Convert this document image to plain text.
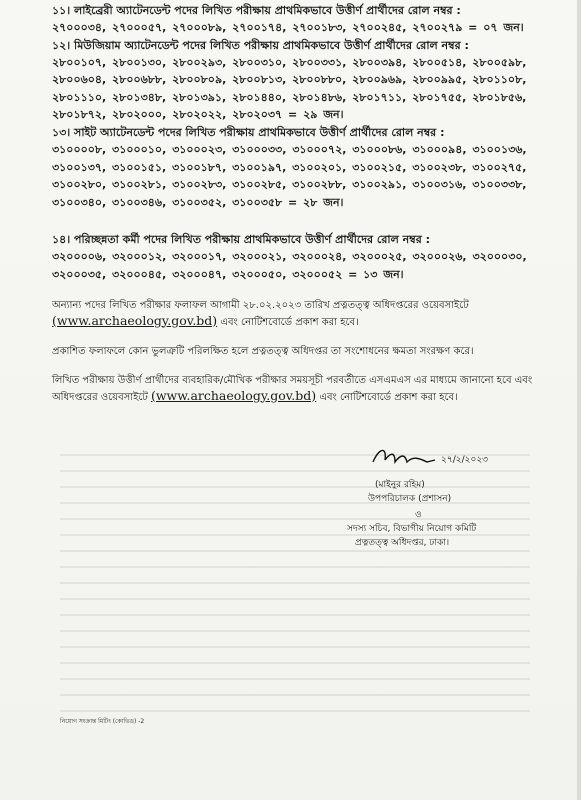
১১। লাইব্রেরী অ্যাটেনডেন্ট পদের লিখিত পরীক্ষায় প্রাথমিকভাবে উত্তীর্ণ প্রার্থীদের রোল নম্বর :

২৭০০০৩৪, ২৭০০০৫৭, ২৭০০০৮৯, ২৭০০১৭৪, ২৭০০১৮৩, ২৭০০২৪৫, ২৭০০২৭৯ = ০৭ জন।

১২। মিউজিয়াম অ্যাটেনডেন্ট পদের লিখিত পরীক্ষায় প্রাথমিকভাবে উত্তীর্ণ প্রার্থীদের রোল নম্বর :

২৮০০১০৭, ২৮০০১৩০, ২৮০০২৯৩, ২৮০০৩১০, ২৮০০৩৩১, ২৮০০৩৯৪, ২৮০০৫১৪, ২৮০০৫৯৮, ২৮০০৬০৪, ২৮০০৬৮৮, ২৮০০৮০৯, ২৮০০৮১৩, ২৮০০৮৮০, ২৮০০৯৬৯, ২৮০০৯৯৫, ২৮০১১০৮, ২৮০১১১০, ২৮০১৩৪৮, ২৮০১৩৯১, ২৮০১৪৪০, ২৮০১৪৮৬, ২৮০১৭১১, ২৮০১৭৫৫, ২৮০১৮৫৬, ২৮০১৮৭২, ২৮০২০০০, ২৮০২০২২, ২৮০২০৩৭ = ২৯ জন।

১৩। সাইট অ্যাটেনডেন্ট পদের লিখিত পরীক্ষায় প্রাথমিকভাবে উত্তীর্ণ প্রার্থীদের রোল নম্বর :

৩১০০০০৮, ৩১০০০১০, ৩১০০০২৩, ৩১০০০৩৩, ৩১০০০৭২, ৩১০০০৮৬, ৩১০০০৯৪, ৩১০০১৩৬, ৩১০০১৩৭, ৩১০০১৫১, ৩১০০১৮৭, ৩১০০১৯৭, ৩১০০২০১, ৩১০০২১৫, ৩১০০২৩৮, ৩১০০২৭৫, ৩১০০২৮০, ৩১০০২৮১, ৩১০০২৮৩, ৩১০০২৮৫, ৩১০০২৮৮, ৩১০০২৯১, ৩১০০৩১৬, ৩১০০৩৩৮, ৩১০০৩৪০, ৩১০০৩৪৬, ৩১০০৩৫২, ৩১০০৩৫৮ = ২৮ জন।

১৪। পরিচ্ছন্নতা কর্মী পদের লিখিত পরীক্ষায় প্রাথমিকভাবে উত্তীর্ণ প্রার্থীদের রোল নম্বর :

৩২০০০০৬, ৩২০০০১২, ৩২০০০১৭, ৩২০০০২১, ৩২০০০২৪, ৩২০০০২৫, ৩২০০০২৬, ৩২০০০৩০, ৩২০০০৩৫, ৩২০০০৪৫, ৩২০০০৪৭, ৩২০০০৫০, ৩২০০০৫২ = ১৩ জন।

অন্যান্য পদের লিখিত পরীক্ষার ফলাফল আগামী ২৮.০২.২০২৩ তারিখ প্রত্নতত্ত্ব অধিদপ্তরের ওয়েবসাইটে (www.archaeology.gov.bd) এবং নোটিশবোর্ডে প্রকাশ করা হবে।

প্রকাশিত ফলাফলে কোন ভুলত্রুটি পরিলক্ষিত হলে প্রত্নতত্ত্ব অধিদপ্তর তা সংশোধনের ক্ষমতা সংরক্ষণ করে।

লিখিত পরীক্ষায় উত্তীর্ণ প্রার্থীদের ব্যবহারিক/মৌখিক পরীক্ষার সময়সূচী পরবর্তীতে এসএমএস এর মাধ্যমে জানানো হবে এবং অধিদপ্তরের ওয়েবসাইটে (www.archaeology.gov.bd) এবং নোটিশবোর্ডে প্রকাশ করা হবে।

২৭/২/২০২৩
(মাইনুর রহিম)
উপপরিচালক (প্রশাসন)
ও
সদস্য সচিব, বিভাগীয় নিয়োগ কমিটি
প্রত্নতত্ত্ব অধিদপ্তর, ঢাকা।
নিয়োগ সংক্রান্ত মিটিং (কোভিড) -2
